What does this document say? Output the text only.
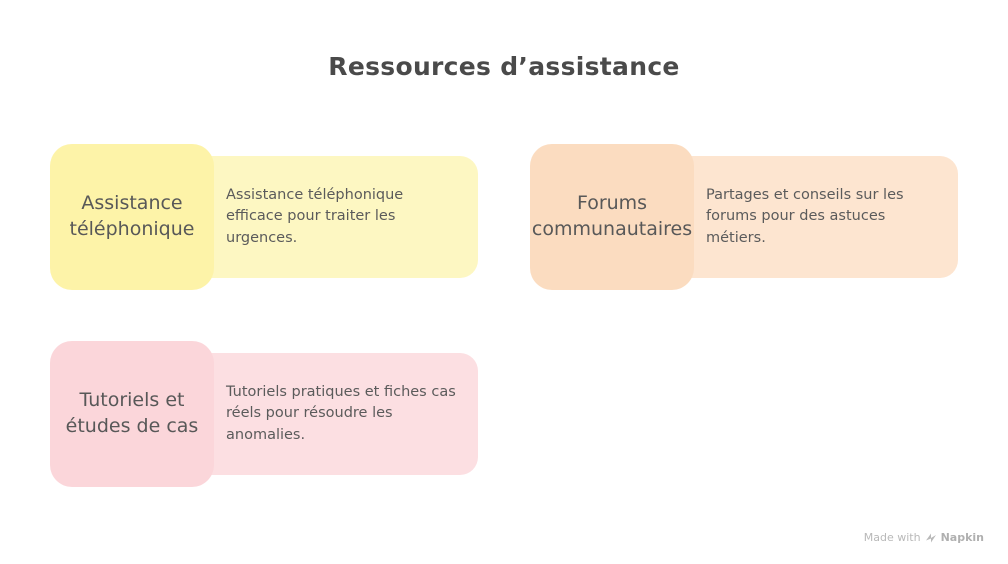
Ressources d’assistance
Assistance téléphonique
Assistance téléphonique efficace pour traiter les urgences.
Forums communautaires
Partages et conseils sur les forums pour des astuces métiers.
Tutoriels et études de cas
Tutoriels pratiques et fiches cas réels pour résoudre les anomalies.
Made with Napkin
